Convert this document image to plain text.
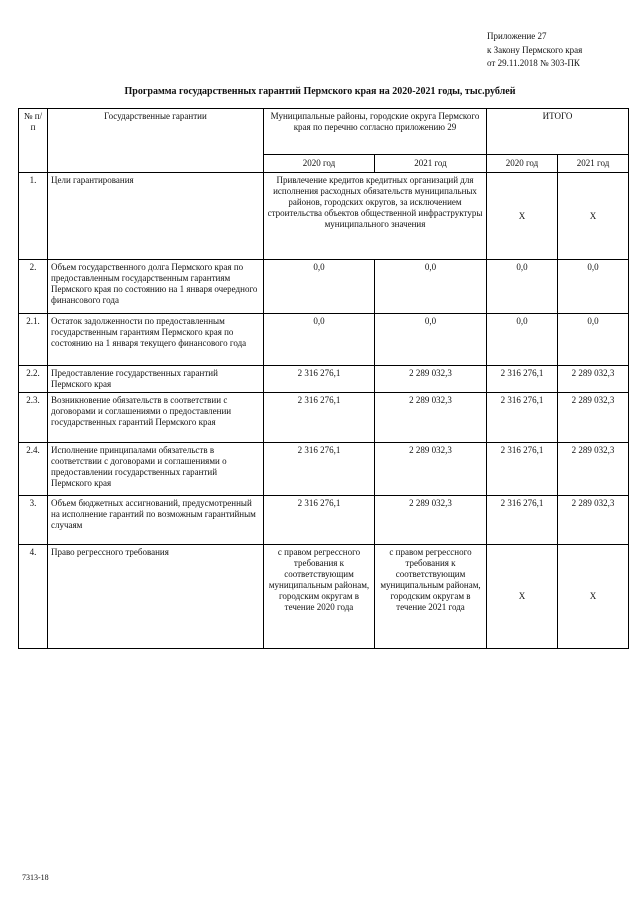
Приложение 27
к Закону Пермского края
от 29.11.2018 № 303-ПК
Программа государственных гарантий Пермского края на 2020-2021 годы, тыс.рублей
№ п/п	Государственные гарантии	Муниципальные районы, городские округа Пермского края по перечню согласно приложению 29		ИТОГО	
		2020 год	2021 год	2020 год	2021 год
1.	Цели гарантирования	Привлечение кредитов кредитных организаций для исполнения расходных обязательств муниципальных районов, городских округов, за исключением строительства объектов общественной инфраструктуры муниципального значения		Х	Х
2.	Объем государственного долга Пермского края по предоставленным государственным гарантиям Пермского края по состоянию на 1 января очередного финансового года	0,0	0,0	0,0	0,0
2.1.	Остаток задолженности по предоставленным государственным гарантиям Пермского края по состоянию на 1 января текущего финансового года	0,0	0,0	0,0	0,0
2.2.	Предоставление государственных гарантий Пермского края	2 316 276,1	2 289 032,3	2 316 276,1	2 289 032,3
2.3.	Возникновение обязательств в соответствии с договорами и соглашениями о предоставлении государственных гарантий Пермского края	2 316 276,1	2 289 032,3	2 316 276,1	2 289 032,3
2.4.	Исполнение принципалами обязательств в соответствии с договорами и соглашениями о предоставлении государственных гарантий Пермского края	2 316 276,1	2 289 032,3	2 316 276,1	2 289 032,3
3.	Объем бюджетных ассигнований, предусмотренный на исполнение гарантий по возможным гарантийным случаям	2 316 276,1	2 289 032,3	2 316 276,1	2 289 032,3
4.	Право регрессного требования	с правом регрессного требования к соответствующим муниципальным районам, городским округам в течение 2020 года	с правом регрессного требования к соответствующим муниципальным районам, городским округам в течение 2021 года	Х	Х
7313-18
